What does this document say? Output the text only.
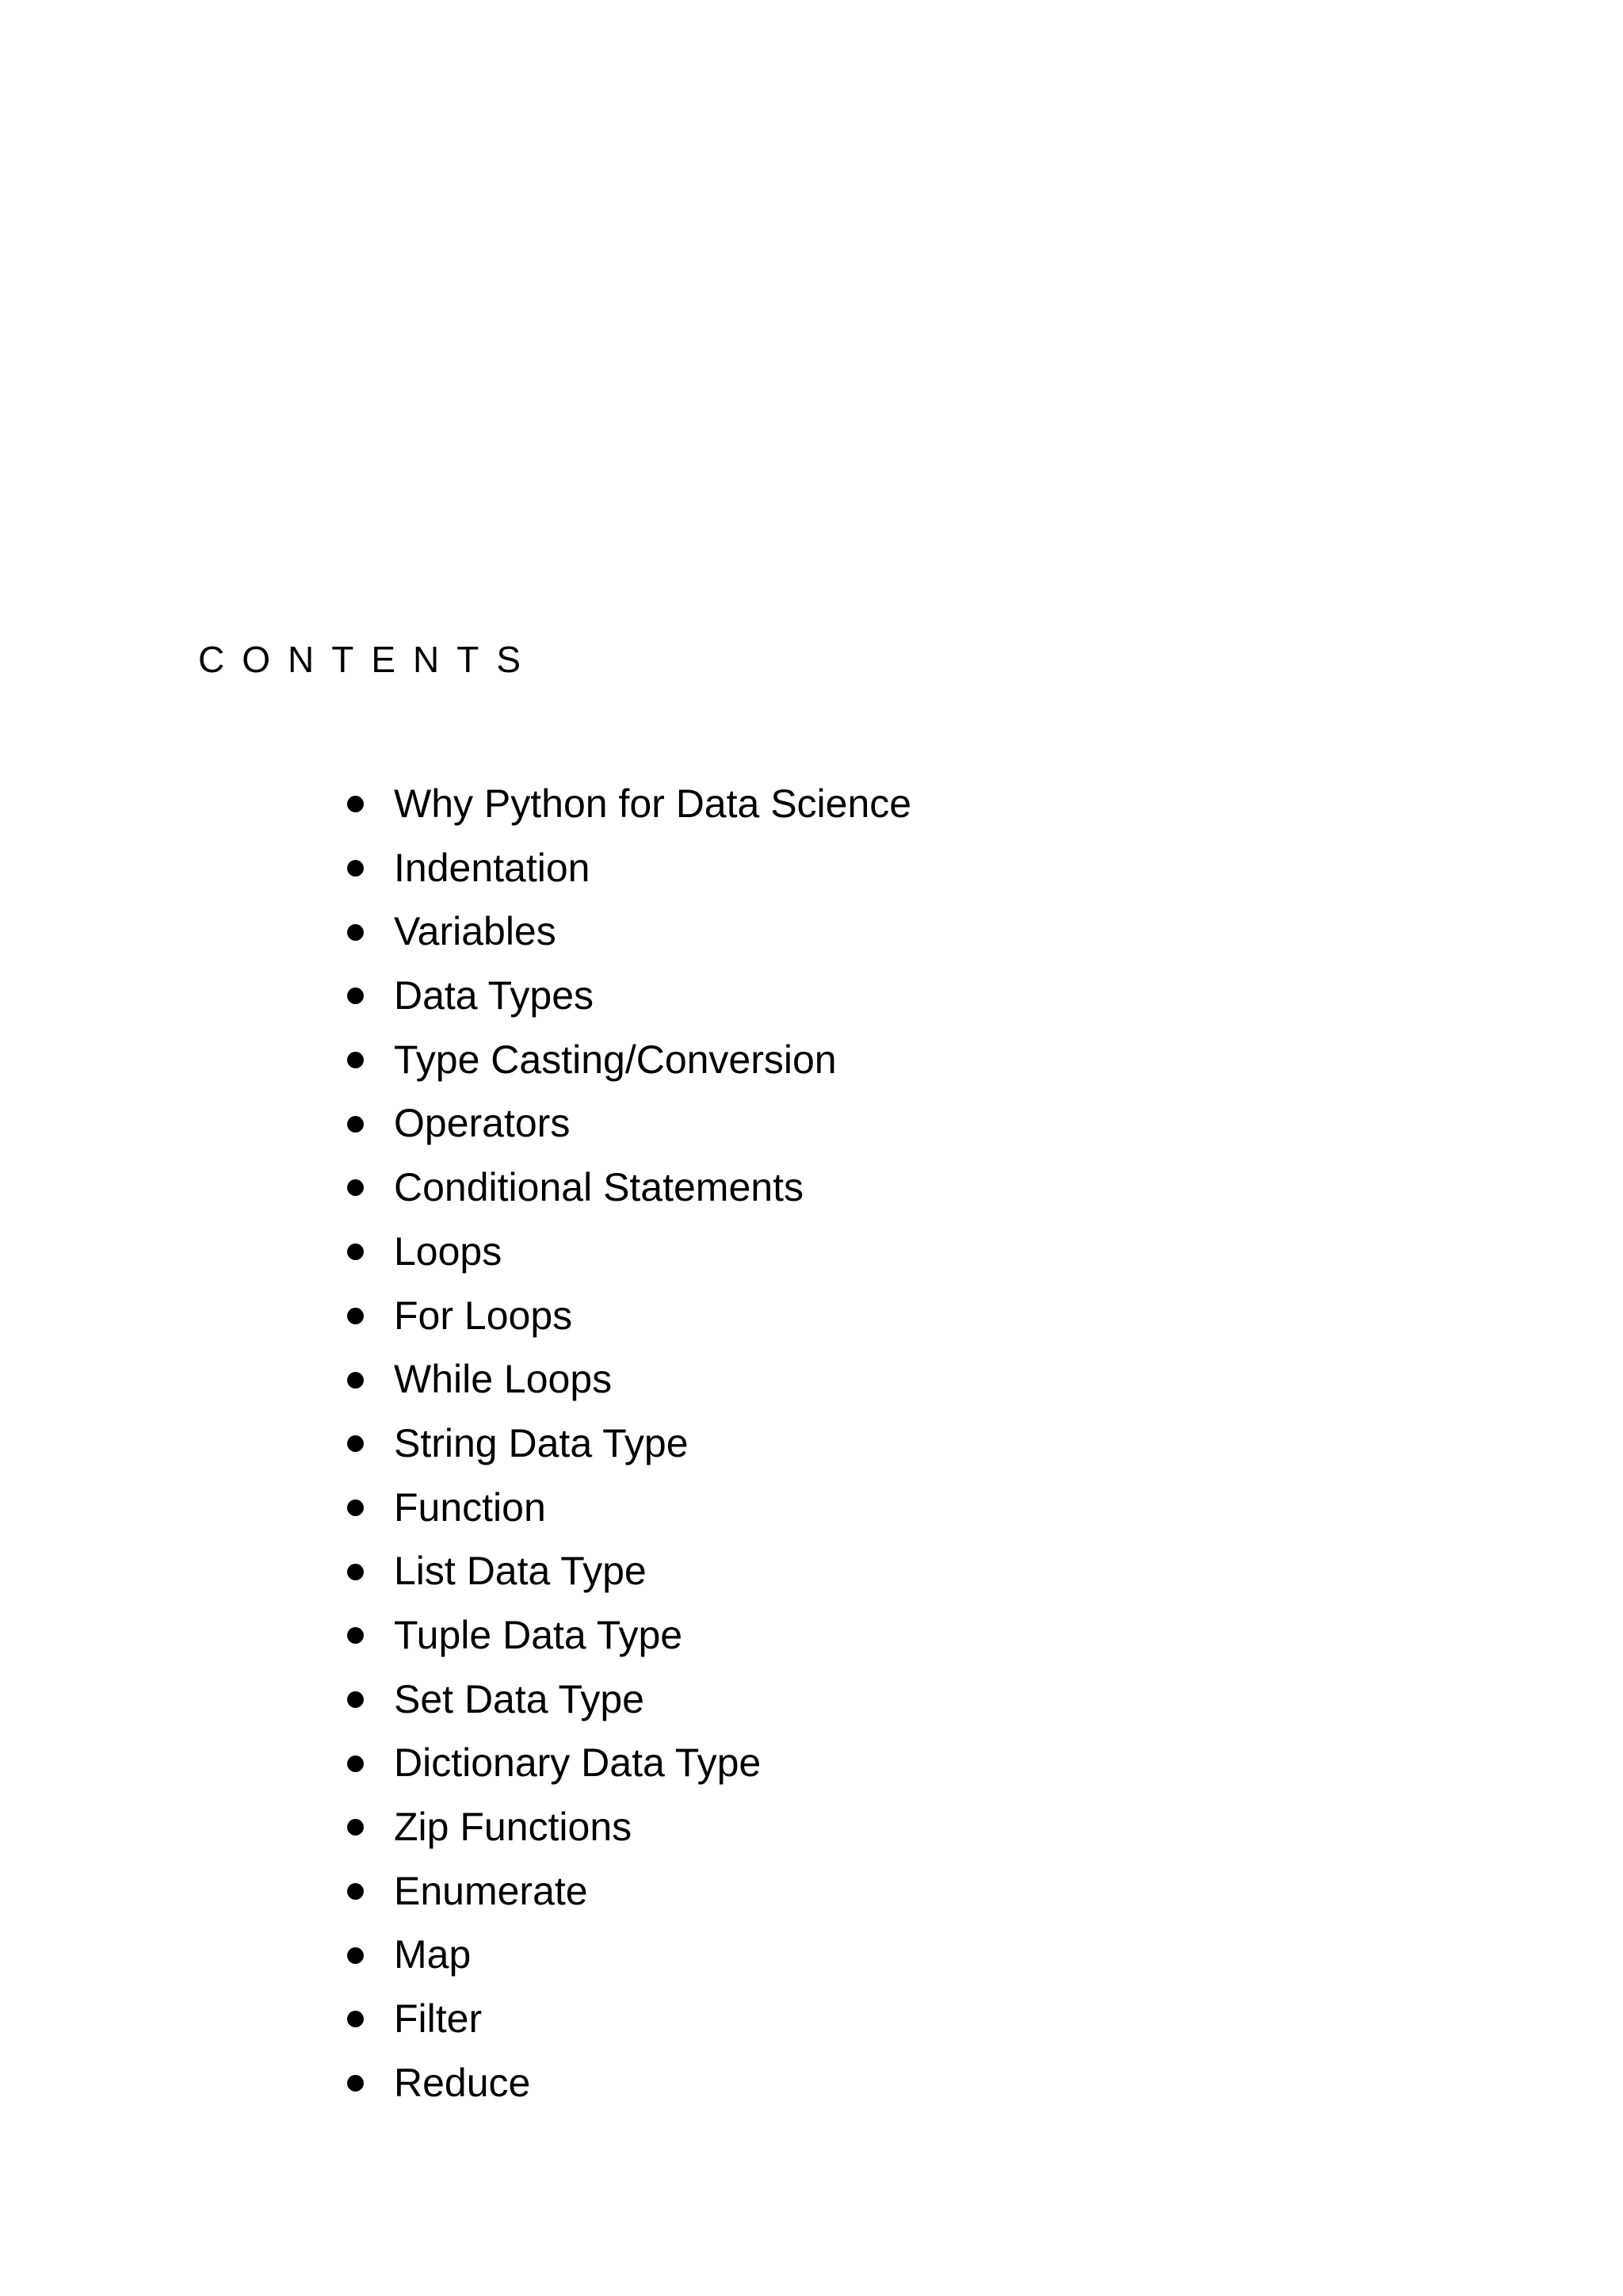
CONTENTS
Why Python for Data Science
Indentation
Variables
Data Types
Type Casting/Conversion
Operators
Conditional Statements
Loops
For Loops
While Loops
String Data Type
Function
List Data Type
Tuple Data Type
Set Data Type
Dictionary Data Type
Zip Functions
Enumerate
Map
Filter
Reduce
